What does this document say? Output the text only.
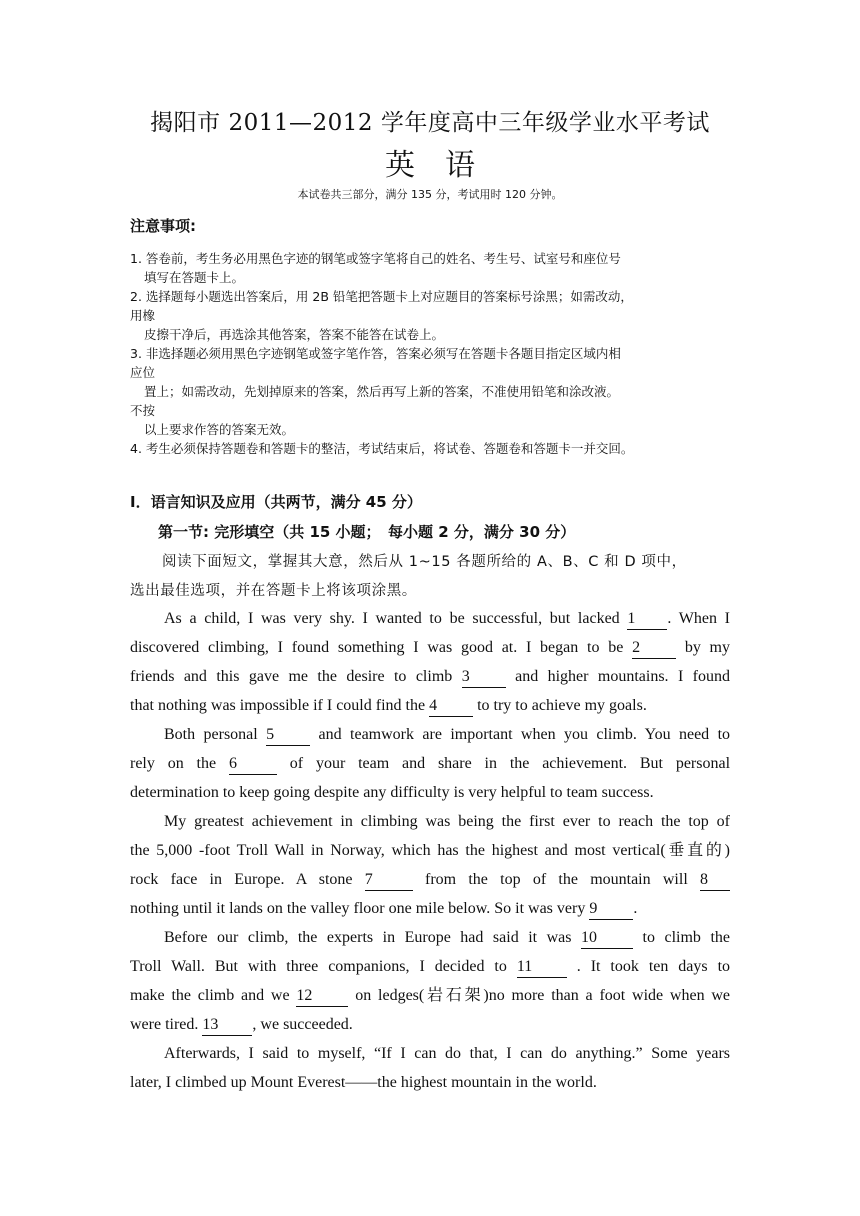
揭阳市 2011—2012 学年度高中三年级学业水平考试
英　语
本试卷共三部分，满分 135 分，考试用时 120 分钟。
注意事项:
1. 答卷前，考生务必用黑色字迹的钢笔或签字笔将自己的姓名、考生号、试室号和座位号
填写在答题卡上。
2. 选择题每小题选出答案后，用 2B 铅笔把答题卡上对应题目的答案标号涂黑；如需改动，
用橡
皮擦干净后，再选涂其他答案，答案不能答在试卷上。
3. 非选择题必须用黑色字迹钢笔或签字笔作答，答案必须写在答题卡各题目指定区域内相
应位
置上；如需改动，先划掉原来的答案，然后再写上新的答案，不准使用铅笔和涂改液。
不按
以上要求作答的答案无效。
4. 考生必须保持答题卷和答题卡的整洁，考试结束后，将试卷、答题卷和答题卡一并交回。
I．语言知识及应用（共两节，满分 45 分）
第一节: 完形填空（共 15 小题；　每小题 2 分，满分 30 分）
阅读下面短文，掌握其大意，然后从 1~15 各题所给的 A、B、C 和 D 项中，
选出最佳选项，并在答题卡上将该项涂黑。
As a child, I was very shy. I wanted to be successful, but lacked 1 . When I
discovered climbing, I found something I was good at. I began to be 2	by my
friends and this gave me the desire to climb 3	and higher mountains. I found
that nothing was impossible if I could find the 4	to try to achieve my goals.
Both personal 5	and teamwork are important when you climb. You need to
rely on the 6	of your team and share in the achievement. But personal
determination to keep going despite any difficulty is very helpful to team success.
My greatest achievement in climbing was being the first ever to reach the top of
the 5,000 -foot Troll Wall in Norway, which has the highest and most vertical(垂直的)
rock face in Europe. A stone 7	from the top of the mountain will 8
nothing until it lands on the valley floor one mile below. So it was very 9 .
Before our climb, the experts in Europe had said it was 10	to climb the
Troll Wall. But with three companions, I decided to 11	. It took ten days to
make the climb and we 12	on ledges(岩石架)no more than a foot wide when we
were tired. 13 , we succeeded.
Afterwards, I said to myself, “If I can do that, I can do anything.” Some years
later, I climbed up Mount Everest——the highest mountain in the world.
